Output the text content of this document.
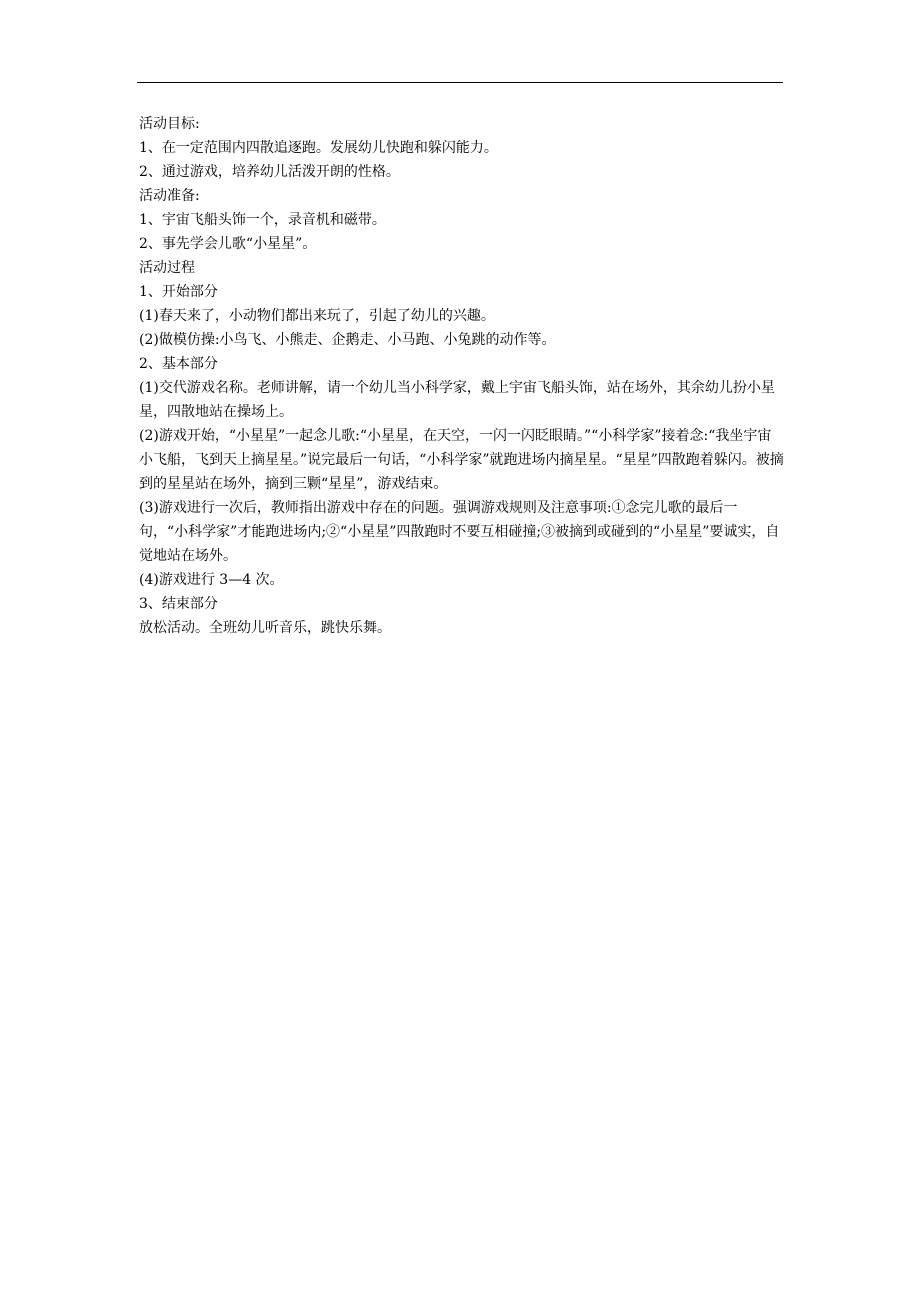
活动目标:

1、在一定范围内四散追逐跑。发展幼儿快跑和躲闪能力。

2、通过游戏，培养幼儿活泼开朗的性格。

活动准备:

1、宇宙飞船头饰一个，录音机和磁带。

2、事先学会儿歌“小星星”。

活动过程

1、开始部分

(1)春天来了，小动物们都出来玩了，引起了幼儿的兴趣。

(2)做模仿操:小鸟飞、小熊走、企鹅走、小马跑、小兔跳的动作等。

2、基本部分

(1)交代游戏名称。老师讲解，请一个幼儿当小科学家，戴上宇宙飞船头饰，站在场外，其余幼儿扮小星星，四散地站在操场上。

(2)游戏开始，“小星星”一起念儿歌:“小星星，在天空，一闪一闪眨眼睛。”“小科学家”接着念:“我坐宇宙小飞船，飞到天上摘星星。”说完最后一句话，“小科学家”就跑进场内摘星星。“星星”四散跑着躲闪。被摘到的星星站在场外，摘到三颗“星星”，游戏结束。

(3)游戏进行一次后，教师指出游戏中存在的问题。强调游戏规则及注意事项:①念完儿歌的最后一句，“小科学家”才能跑进场内;②“小星星”四散跑时不要互相碰撞;③被摘到或碰到的“小星星”要诚实，自觉地站在场外。

(4)游戏进行 3—4 次。

3、结束部分

放松活动。全班幼儿听音乐，跳快乐舞。
